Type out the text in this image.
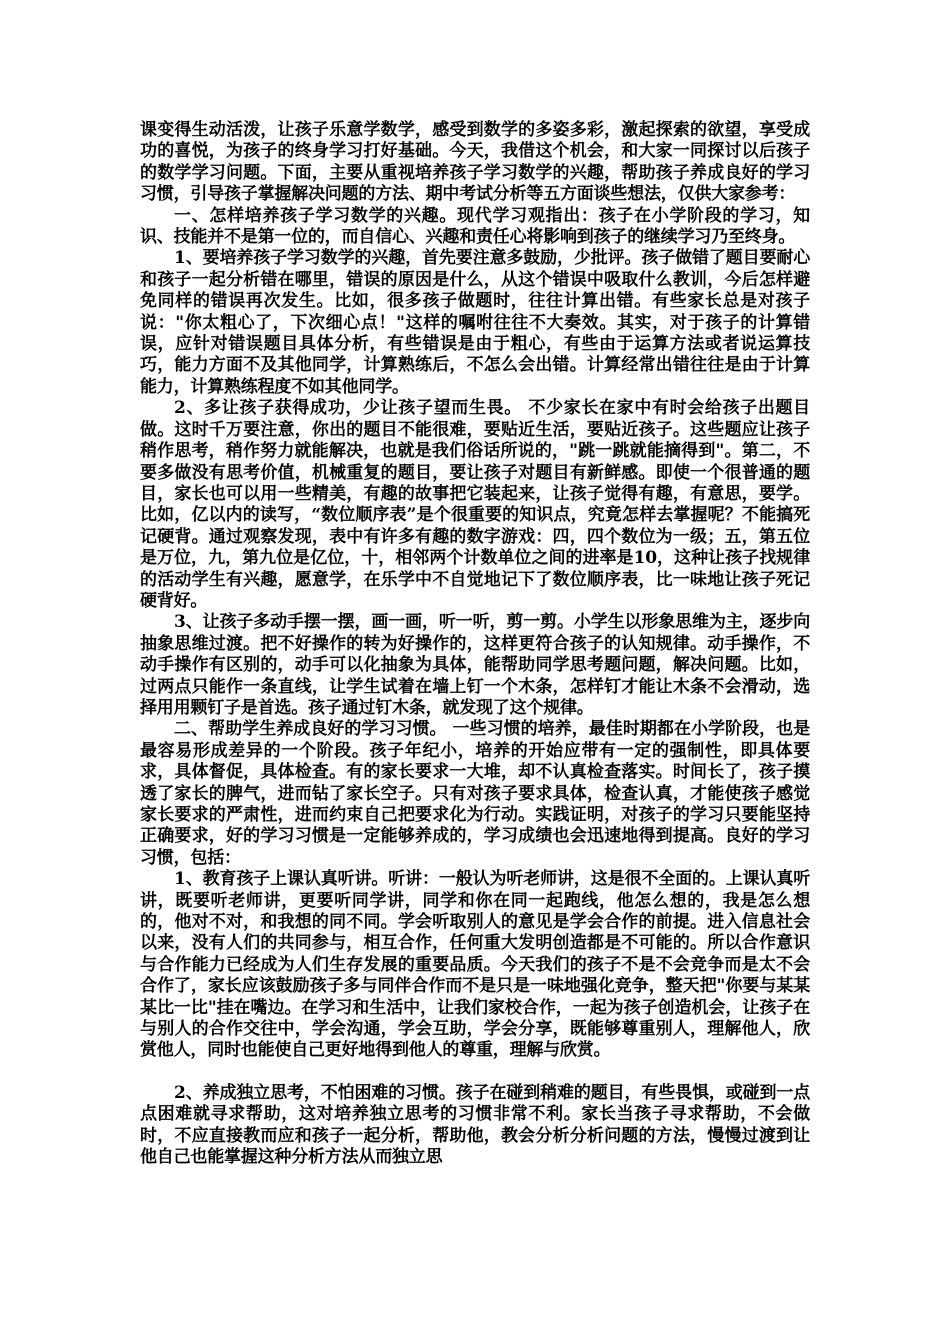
课变得生动活泼，让孩子乐意学数学，感受到数学的多姿多彩，激起探索的欲望，享受成功的喜悦，为孩子的终身学习打好基础。今天，我借这个机会，和大家一同探讨以后孩子的数学学习问题。下面，主要从重视培养孩子学习数学的兴趣，帮助孩子养成良好的学习习惯，引导孩子掌握解决问题的方法、期中考试分析等五方面谈些想法，仅供大家参考：

一、怎样培养孩子学习数学的兴趣。现代学习观指出：孩子在小学阶段的学习，知识、技能并不是第一位的，而自信心、兴趣和责任心将影响到孩子的继续学习乃至终身。

1、要培养孩子学习数学的兴趣，首先要注意多鼓励，少批评。孩子做错了题目要耐心和孩子一起分析错在哪里，错误的原因是什么，从这个错误中吸取什么教训，今后怎样避免同样的错误再次发生。比如，很多孩子做题时，往往计算出错。有些家长总是对孩子说："你太粗心了，下次细心点！"这样的嘱咐往往不大奏效。其实，对于孩子的计算错误，应针对错误题目具体分析，有些错误是由于粗心，有些由于运算方法或者说运算技巧，能力方面不及其他同学，计算熟练后，不怎么会出错。计算经常出错往往是由于计算能力，计算熟练程度不如其他同学。

2、多让孩子获得成功，少让孩子望而生畏。 不少家长在家中有时会给孩子出题目做。这时千万要注意，你出的题目不能很难，要贴近生活，要贴近孩子。这些题应让孩子稍作思考，稍作努力就能解决，也就是我们俗话所说的，"跳一跳就能摘得到"。第二，不要多做没有思考价值，机械重复的题目，要让孩子对题目有新鲜感。即使一个很普通的题目，家长也可以用一些精美，有趣的故事把它装起来，让孩子觉得有趣，有意思，要学。比如，亿以内的读写，“数位顺序表”是个很重要的知识点，究竟怎样去掌握呢？不能搞死记硬背。通过观察发现，表中有许多有趣的数字游戏：四，四个数位为一级；五，第五位是万位，九，第九位是亿位，十，相邻两个计数单位之间的进率是10，这种让孩子找规律的活动学生有兴趣，愿意学，在乐学中不自觉地记下了数位顺序表，比一味地让孩子死记硬背好。

3、让孩子多动手摆一摆，画一画，听一听，剪一剪。小学生以形象思维为主，逐步向抽象思维过渡。把不好操作的转为好操作的，这样更符合孩子的认知规律。动手操作，不动手操作有区别的，动手可以化抽象为具体，能帮助同学思考题问题，解决问题。比如，过两点只能作一条直线，让学生试着在墙上钉一个木条，怎样钉才能让木条不会滑动，选择用用颗钉子是首选。孩子通过钉木条，就发现了这个规律。

二、帮助学生养成良好的学习习惯。 一些习惯的培养，最佳时期都在小学阶段，也是最容易形成差异的一个阶段。孩子年纪小，培养的开始应带有一定的强制性，即具体要求，具体督促，具体检查。有的家长要求一大堆，却不认真检查落实。时间长了，孩子摸透了家长的脾气，进而钻了家长空子。只有对孩子要求具体，检查认真，才能使孩子感觉家长要求的严肃性，进而约束自己把要求化为行动。实践证明，对孩子的学习只要能坚持正确要求，好的学习习惯是一定能够养成的，学习成绩也会迅速地得到提高。良好的学习习惯，包括：

1、教育孩子上课认真听讲。听讲：一般认为听老师讲，这是很不全面的。上课认真听讲，既要听老师讲，更要听同学讲，同学和你在同一起跑线，他怎么想的，我是怎么想的，他对不对，和我想的同不同。学会听取别人的意见是学会合作的前提。进入信息社会以来，没有人们的共同参与，相互合作，任何重大发明创造都是不可能的。所以合作意识与合作能力已经成为人们生存发展的重要品质。今天我们的孩子不是不会竞争而是太不会合作了，家长应该鼓励孩子多与同伴合作而不是只是一味地强化竞争，整天把"你要与某某某比一比"挂在嘴边。在学习和生活中，让我们家校合作，一起为孩子创造机会，让孩子在与别人的合作交往中，学会沟通，学会互助，学会分享，既能够尊重别人，理解他人，欣赏他人，同时也能使自己更好地得到他人的尊重，理解与欣赏。

2、养成独立思考，不怕困难的习惯。孩子在碰到稍难的题目，有些畏惧，或碰到一点点困难就寻求帮助，这对培养独立思考的习惯非常不利。家长当孩子寻求帮助，不会做时，不应直接教而应和孩子一起分析，帮助他，教会分析分析问题的方法，慢慢过渡到让他自己也能掌握这种分析方法从而独立思
